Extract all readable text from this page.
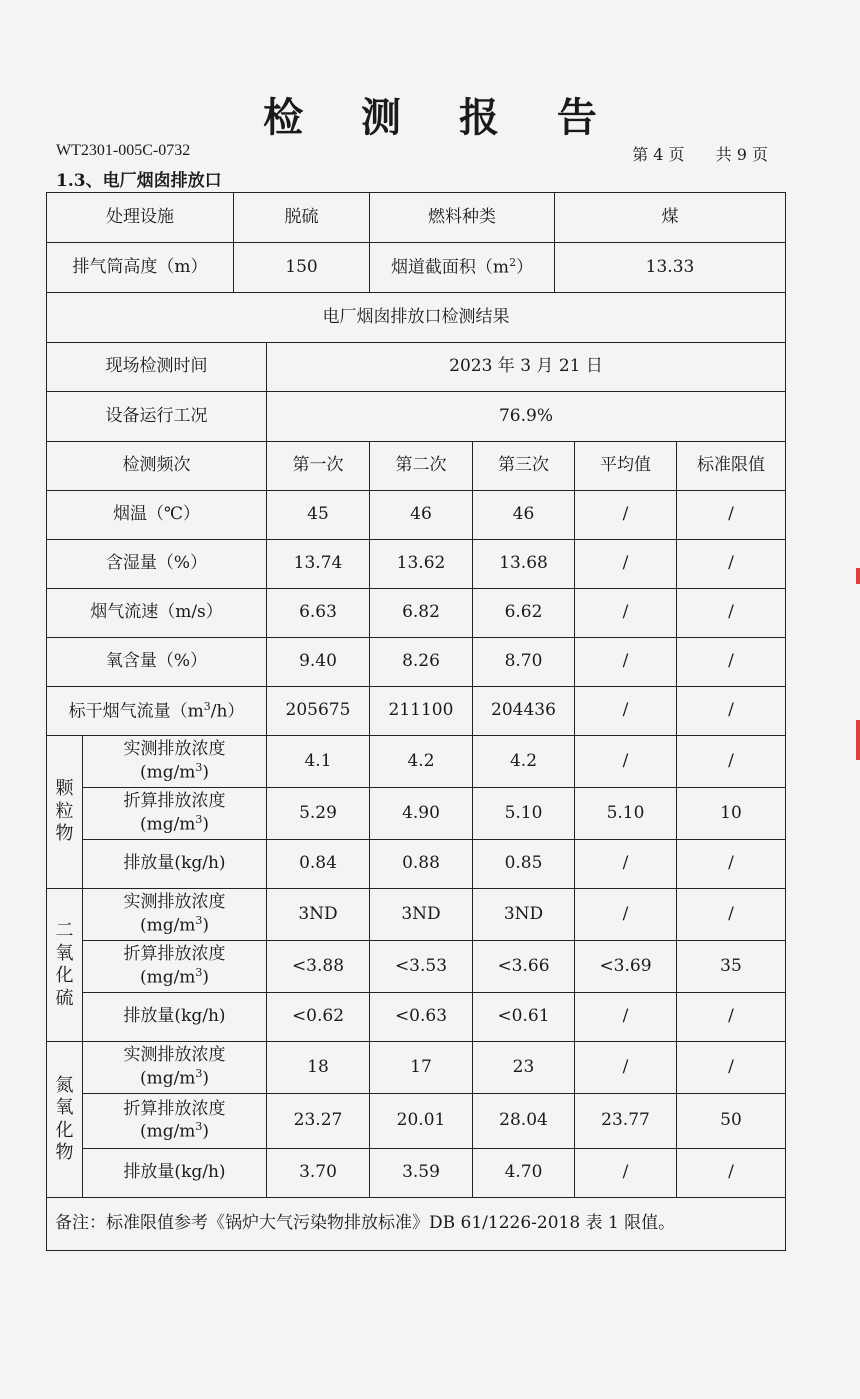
检 测 报 告
WT2301-005C-0732	第 4 页 共 9 页
1.3、电厂烟囱排放口
处理设施		脱硫		燃料种类		煤		
排气筒高度（m）		150		烟道截面积$(m^2)$		13.33		
电厂烟囱排放口检测结果								
现场检测时间			2023 年 3 月 21 日					
设备运行工况			76.9%					
检测频次			第一次	第二次	第三次		平均值	标准限值
烟温（℃）			45	46	46		/	/
含湿量（%）			13.74	13.62	13.68		/	/
烟气流速（m/s）			6.63	6.82	6.62		/	/
氧含量（%）			9.40	8.26	8.70		/	/
标干烟气流量$(m^3/h)$			205675	211100	204436		/	/
颗
粒
物	实测排放浓度
$(mg/m^3)$		4.1	4.2	4.2		/	/
	折算排放浓度
$(mg/m^3)$		5.29	4.90	5.10		5.10	10
	排放量(kg/h)		0.84	0.88	0.85		/	/
二
氧
化
硫	实测排放浓度
$(mg/m^3)$		3ND	3ND	3ND		/	/
	折算排放浓度
$(mg/m^3)$		<3.88	<3.53	<3.66		<3.69	35
	排放量(kg/h)		<0.62	<0.63	<0.61		/	/
氮
氧
化
物	实测排放浓度
$(mg/m^3)$		18	17	23		/	/
	折算排放浓度
$(mg/m^3)$		23.27	20.01	28.04		23.77	50
	排放量(kg/h)		3.70	3.59	4.70		/	/
备注：标准限值参考《锅炉大气污染物排放标准》DB 61/1226-2018 表 1 限值。								
